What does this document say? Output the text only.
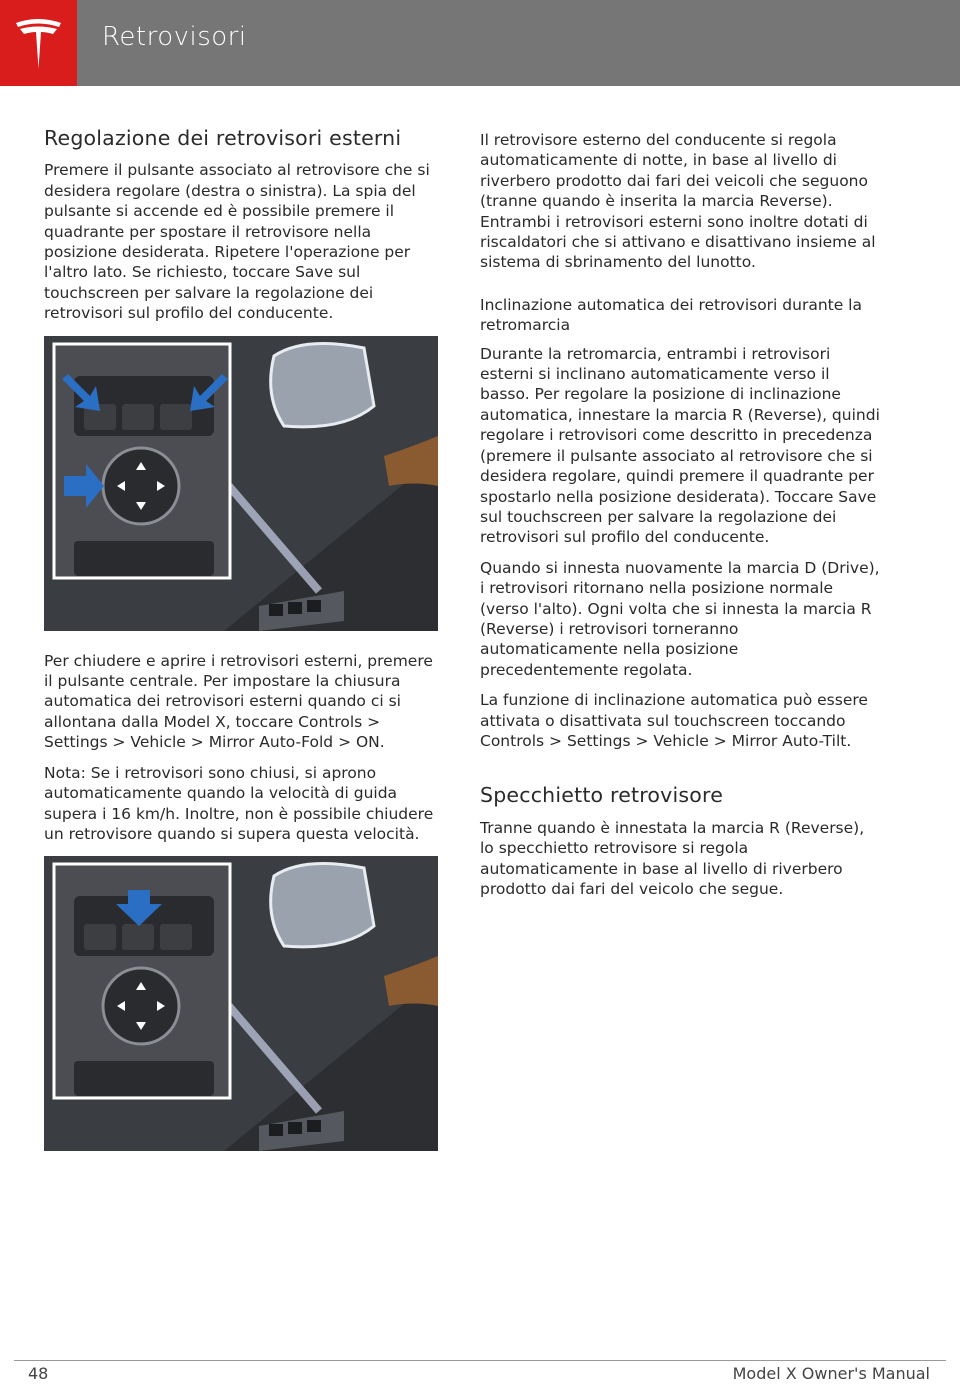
Retrovisori
Regolazione dei retrovisori esterni

Premere il pulsante associato al retrovisore che si desidera regolare (destra o sinistra). La spia del pulsante si accende ed è possibile premere il quadrante per spostare il retrovisore nella posizione desiderata. Ripetere l'operazione per l'altro lato. Se richiesto, toccare Save sul touchscreen per salvare la regolazione dei retrovisori sul profilo del conducente.

Per chiudere e aprire i retrovisori esterni, premere il pulsante centrale. Per impostare la chiusura automatica dei retrovisori esterni quando ci si allontana dalla Model X, toccare Controls > Settings > Vehicle > Mirror Auto-Fold > ON.

Nota: Se i retrovisori sono chiusi, si aprono automaticamente quando la velocità di guida supera i 16 km/h. Inoltre, non è possibile chiudere un retrovisore quando si supera questa velocità.

Il retrovisore esterno del conducente si regola automaticamente di notte, in base al livello di riverbero prodotto dai fari dei veicoli che seguono (tranne quando è inserita la marcia Reverse). Entrambi i retrovisori esterni sono inoltre dotati di riscaldatori che si attivano e disattivano insieme al sistema di sbrinamento del lunotto.

Inclinazione automatica dei retrovisori durante la retromarcia

Durante la retromarcia, entrambi i retrovisori esterni si inclinano automaticamente verso il basso. Per regolare la posizione di inclinazione automatica, innestare la marcia R (Reverse), quindi regolare i retrovisori come descritto in precedenza (premere il pulsante associato al retrovisore che si desidera regolare, quindi premere il quadrante per spostarlo nella posizione desiderata). Toccare Save sul touchscreen per salvare la regolazione dei retrovisori sul profilo del conducente.

Quando si innesta nuovamente la marcia D (Drive), i retrovisori ritornano nella posizione normale (verso l'alto). Ogni volta che si innesta la marcia R (Reverse) i retrovisori torneranno automaticamente nella posizione precedentemente regolata.

La funzione di inclinazione automatica può essere attivata o disattivata sul touchscreen toccando Controls > Settings > Vehicle > Mirror Auto-Tilt.

Specchietto retrovisore

Tranne quando è innestata la marcia R (Reverse), lo specchietto retrovisore si regola automaticamente in base al livello di riverbero prodotto dai fari del veicolo che segue.

48	Model X Owner's Manual
